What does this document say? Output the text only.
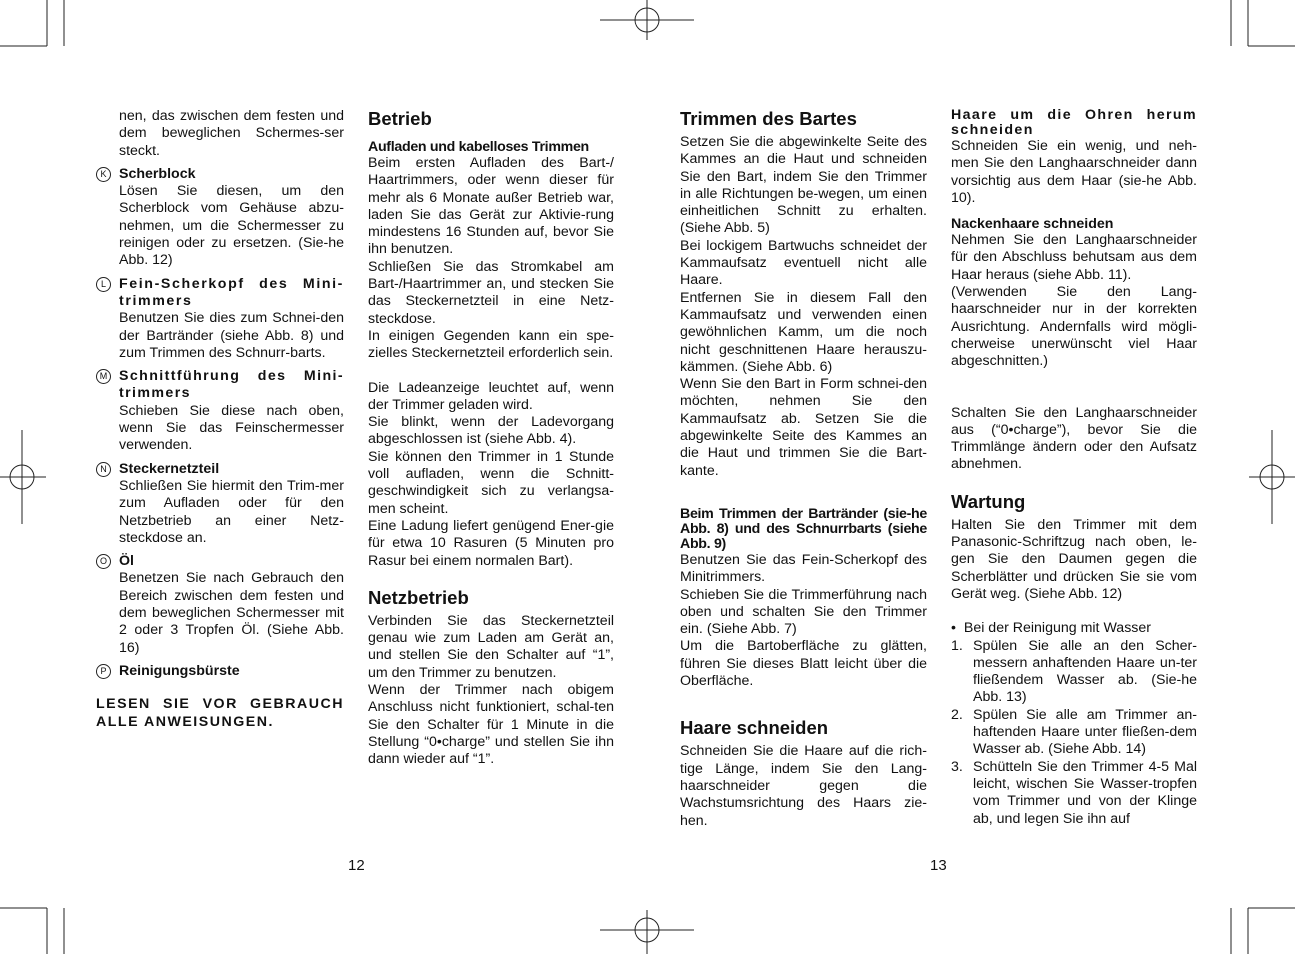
nen, das zwischen dem festen und dem beweglichen Schermes-ser steckt.

K Scherblock

Lösen Sie diesen, um den Scherblock vom Gehäuse abzu-nehmen, um die Schermesser zu reinigen oder zu ersetzen. (Sie-he Abb. 12)

L Fein-Scherkopf des Mini-trimmers

Benutzen Sie dies zum Schnei-den der Bartränder (siehe Abb. 8) und zum Trimmen des Schnurr-barts.

M Schnittführung des Mini-trimmers

Schieben Sie diese nach oben, wenn Sie das Feinschermesser verwenden.

N Steckernetzteil

Schließen Sie hiermit den Trim-mer zum Aufladen oder für den Netzbetrieb an einer Netz-steckdose an.

O Öl

Benetzen Sie nach Gebrauch den Bereich zwischen dem festen und dem beweglichen Schermesser mit 2 oder 3 Tropfen Öl. (Siehe Abb. 16)

P Reinigungsbürste

LESEN SIE VOR GEBRAUCH ALLE ANWEISUNGEN.

Betrieb

Aufladen und kabelloses Trimmen

Beim ersten Aufladen des Bart-/ Haartrimmers, oder wenn dieser für mehr als 6 Monate außer Betrieb war, laden Sie das Gerät zur Aktivie-rung mindestens 16 Stunden auf, bevor Sie ihn benutzen.

Schließen Sie das Stromkabel am Bart-/Haartrimmer an, und stecken Sie das Steckernetzteil in eine Netz-steckdose.

In einigen Gegenden kann ein spe-zielles Steckernetzteil erforderlich sein.

Die Ladeanzeige leuchtet auf, wenn der Trimmer geladen wird.

Sie blinkt, wenn der Ladevorgang abgeschlossen ist (siehe Abb. 4).

Sie können den Trimmer in 1 Stunde voll aufladen, wenn die Schnitt-geschwindigkeit sich zu verlangsa-men scheint.

Eine Ladung liefert genügend Ener-gie für etwa 10 Rasuren (5 Minuten pro Rasur bei einem normalen Bart).

Netzbetrieb

Verbinden Sie das Steckernetzteil genau wie zum Laden am Gerät an, und stellen Sie den Schalter auf “1”, um den Trimmer zu benutzen.

Wenn der Trimmer nach obigem Anschluss nicht funktioniert, schal-ten Sie den Schalter für 1 Minute in die Stellung “0•charge” und stellen Sie ihn dann wieder auf “1”.

12

Trimmen des Bartes

Setzen Sie die abgewinkelte Seite des Kammes an die Haut und schneiden Sie den Bart, indem Sie den Trimmer in alle Richtungen be-wegen, um einen einheitlichen Schnitt zu erhalten. (Siehe Abb. 5)

Bei lockigem Bartwuchs schneidet der Kammaufsatz eventuell nicht alle Haare.

Entfernen Sie in diesem Fall den Kammaufsatz und verwenden einen gewöhnlichen Kamm, um die noch nicht geschnittenen Haare herauszu-kämmen. (Siehe Abb. 6)

Wenn Sie den Bart in Form schnei-den möchten, nehmen Sie den Kammaufsatz ab. Setzen Sie die abgewinkelte Seite des Kammes an die Haut und trimmen Sie die Bart-kante.

Beim Trimmen der Bartränder (sie-he Abb. 8) und des Schnurrbarts (siehe Abb. 9)

Benutzen Sie das Fein-Scherkopf des Minitrimmers.

Schieben Sie die Trimmerführung nach oben und schalten Sie den Trimmer ein. (Siehe Abb. 7)

Um die Bartoberfläche zu glätten, führen Sie dieses Blatt leicht über die Oberfläche.

Haare schneiden

Schneiden Sie die Haare auf die rich-tige Länge, indem Sie den Lang-haarschneider gegen die Wachstumsrichtung des Haars zie-hen.

13

Haare um die Ohren herum schneiden

Schneiden Sie ein wenig, und neh-men Sie den Langhaarschneider dann vorsichtig aus dem Haar (sie-he Abb. 10).

Nackenhaare schneiden

Nehmen Sie den Langhaarschneider für den Abschluss behutsam aus dem Haar heraus (siehe Abb. 11).

(Verwenden Sie den Lang-haarschneider nur in der korrekten Ausrichtung. Andernfalls wird mögli-cherweise unerwünscht viel Haar abgeschnitten.)

Schalten Sie den Langhaarschneider aus (“0•charge”), bevor Sie die Trimmlänge ändern oder den Aufsatz abnehmen.

Wartung

Halten Sie den Trimmer mit dem Panasonic-Schriftzug nach oben, le-gen Sie den Daumen gegen die Scherblätter und drücken Sie sie vom Gerät weg. (Siehe Abb. 12)

•  Bei der Reinigung mit Wasser

1. Spülen Sie alle an den Scher-messern anhaftenden Haare un-ter fließendem Wasser ab. (Sie-he Abb. 13)

2. Spülen Sie alle am Trimmer an-haftenden Haare unter fließen-dem Wasser ab. (Siehe Abb. 14)

3. Schütteln Sie den Trimmer 4-5 Mal leicht, wischen Sie Wasser-tropfen vom Trimmer und von der Klinge ab, und legen Sie ihn auf
